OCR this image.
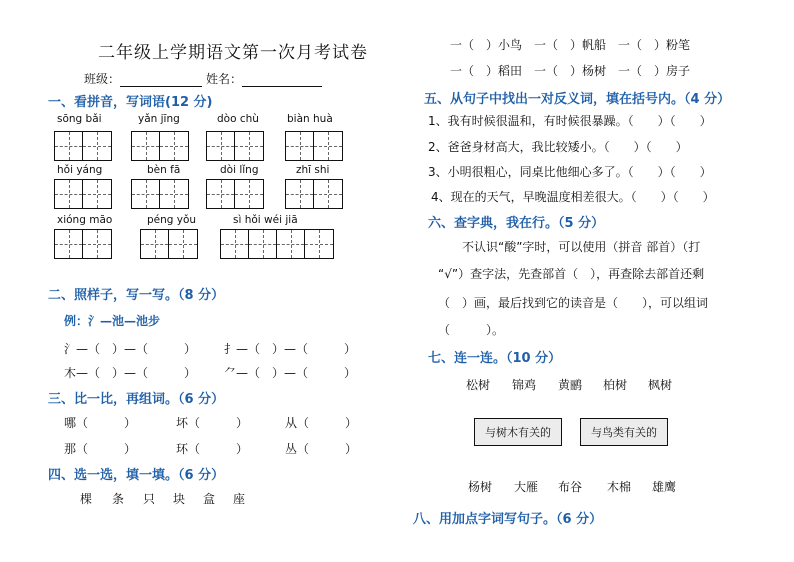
二年级上学期语文第一次月考试卷
班级：	姓名：
一、看拼音，写词语(12 分)
sōng bǎi	yǎn jīng	dòo chù	biàn huà
hǒi yáng	bèn fā	dòi lǐng	zhī shi
xióng māo	péng yǒu	sì hǒi wéi jiā
二、照样子，写一写。（8 分）
例：氵—池—池步
氵—（　）—（　　　） 扌—（　）—（　　　）
木—（　）—（　　　） ⺈—（　）—（　　　）
三、比一比，再组词。（6 分）
哪（　　　）	坏（　　　）	从（　　　）
那（　　　）	环（　　　）	丛（　　　）
四、选一选，填一填。（6 分）
棵 条 只 块 盒 座
一（　）小鸟　一（　）帆船　一（　）粉笔
一（　）稻田　一（　）杨树　一（　）房子
五、从句子中找出一对反义词，填在括号内。（4 分）
1、我有时候很温和，有时候很暴躁。（　　）（　　）
2、爸爸身材高大，我比较矮小。（　　）（　　）
3、小明很粗心，同桌比他细心多了。（　　）（　　）
4、现在的天气，早晚温度相差很大。（　　）（　　）
六、查字典，我在行。（5 分）
不认识“酸”字时，可以使用（拼音 部首）（打
“√”）查字法，先查部首（　），再查除去部首还剩
（　）画，最后找到它的读音是（　　），可以组词
（　　　）。
七、连一连。（10 分）
松树 锦鸡 黄鹂 柏树 枫树
与树木有关的	与鸟类有关的
杨树 大雁 布谷 木棉 雄鹰
八、用加点字词写句子。（6 分）
